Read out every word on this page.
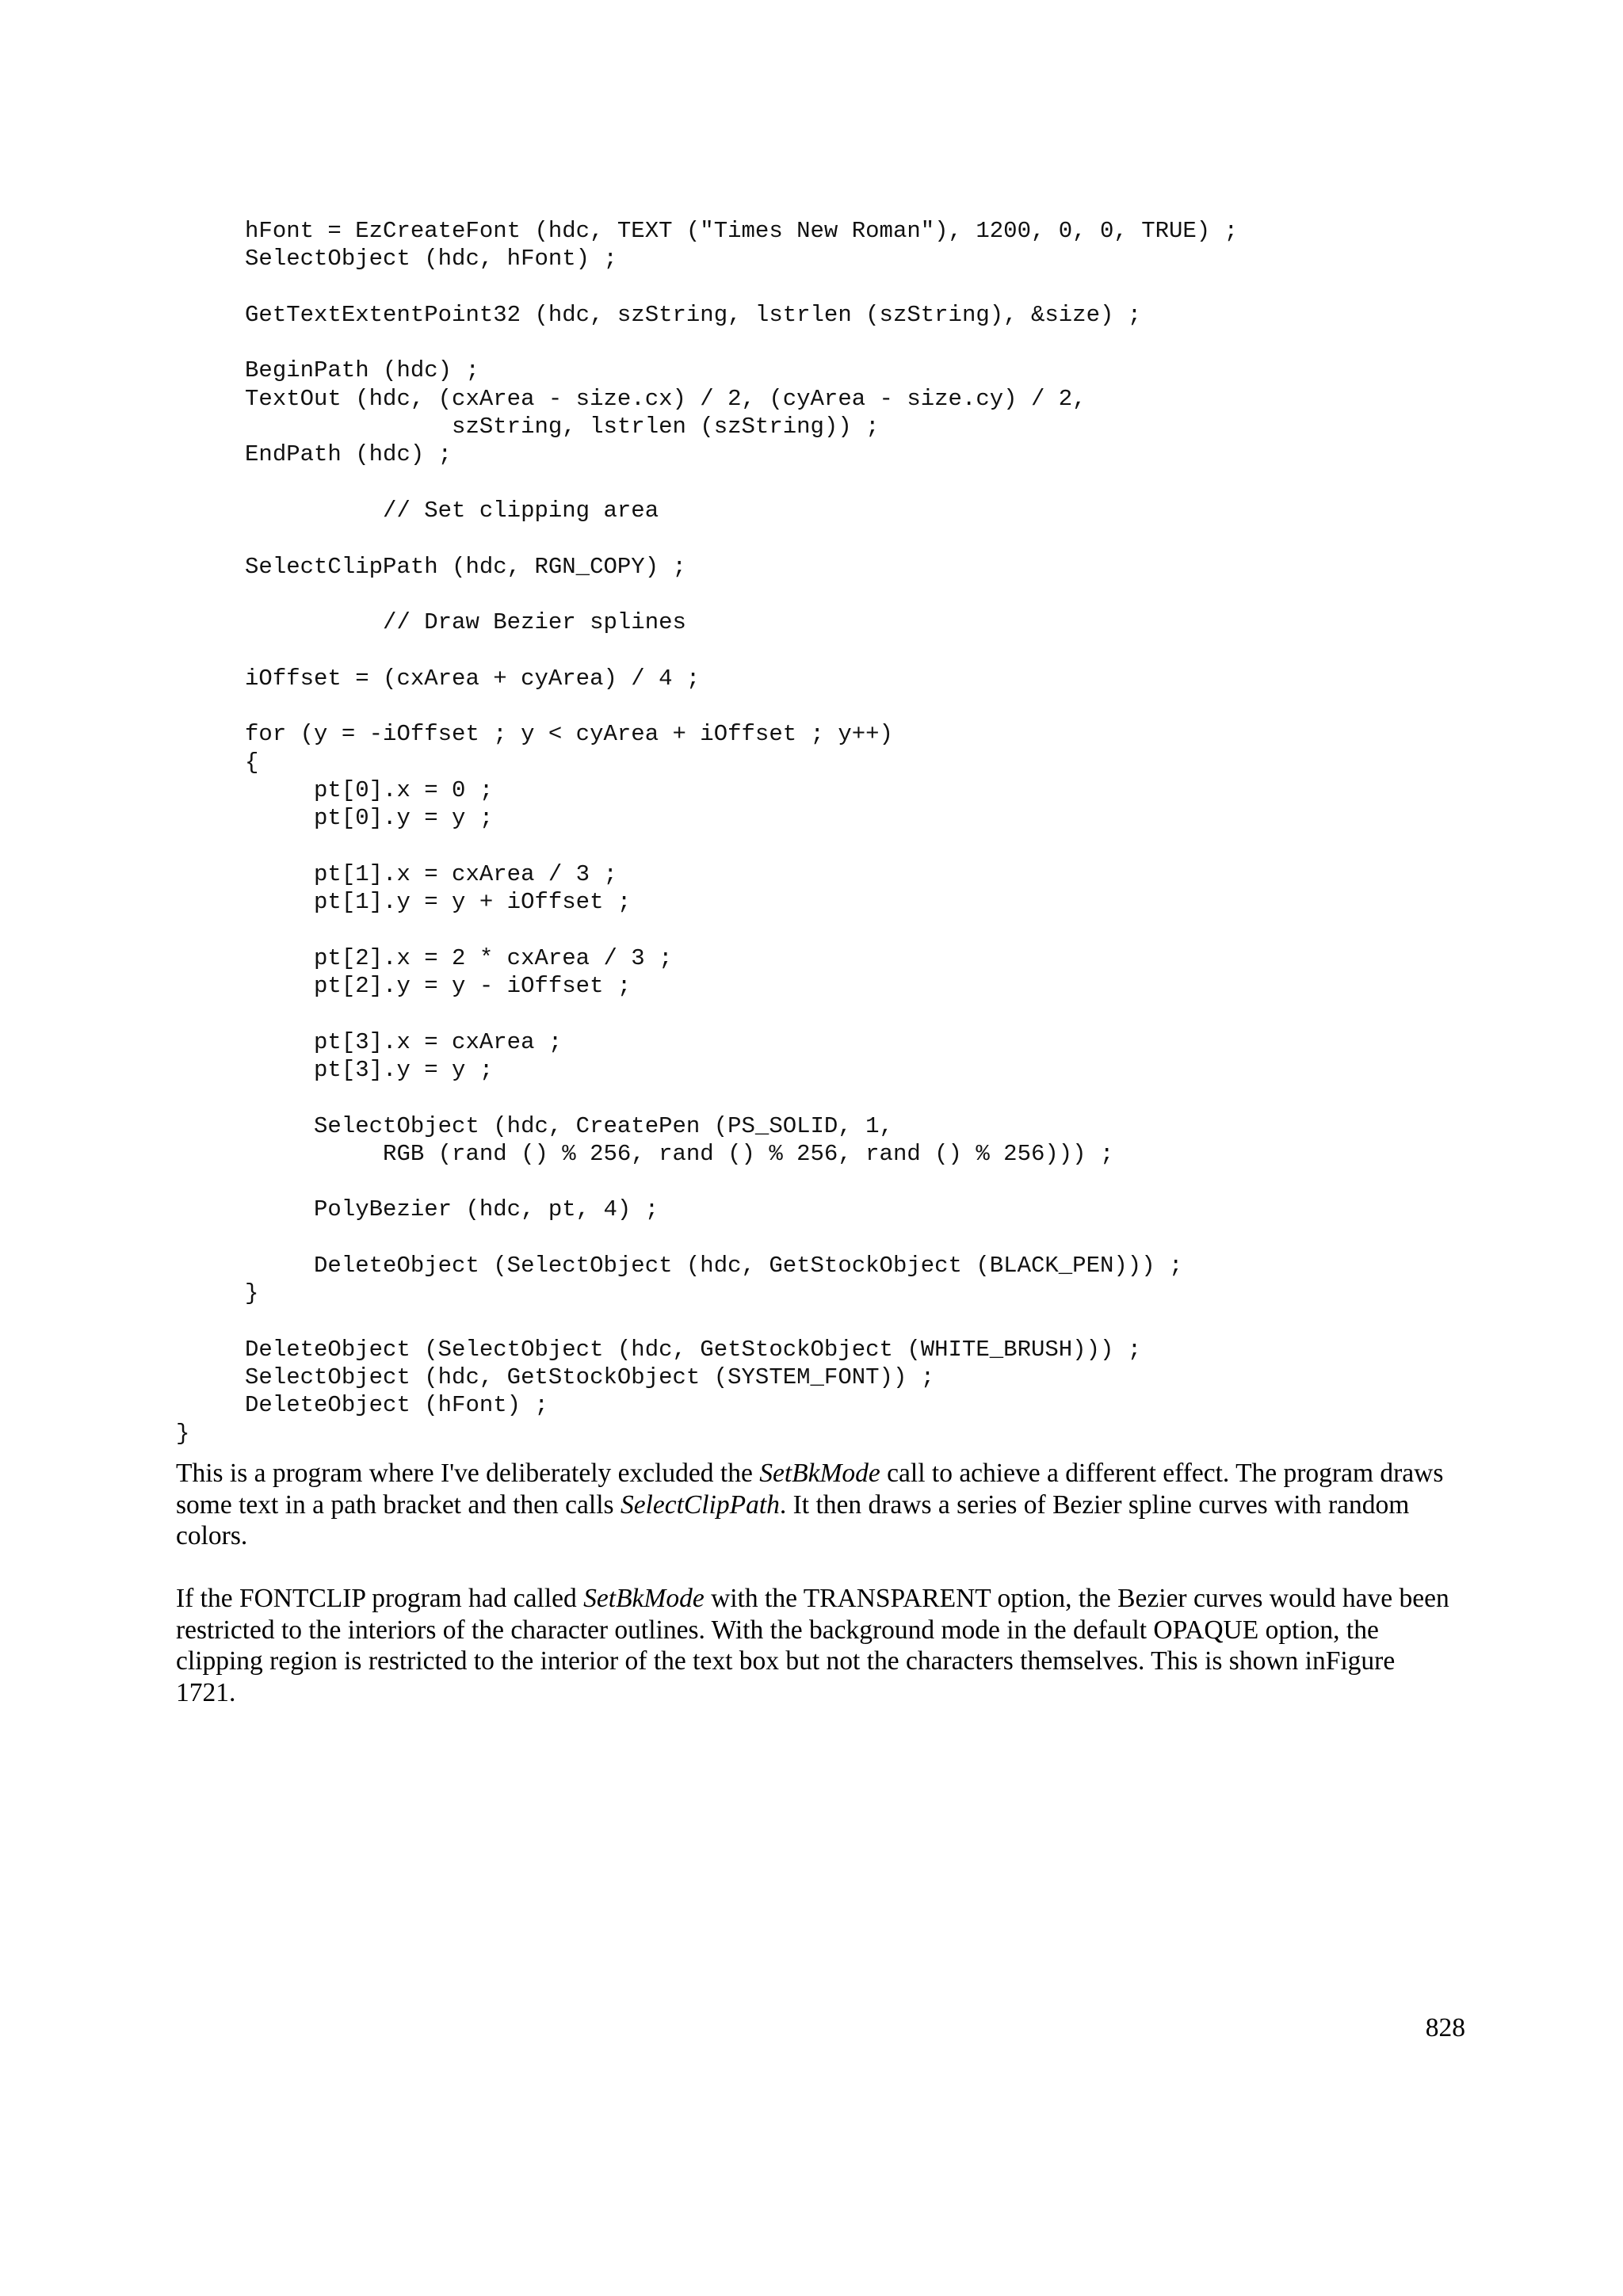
hFont = EzCreateFont (hdc, TEXT ("Times New Roman"), 1200, 0, 0, TRUE) ;
SelectObject (hdc, hFont) ;
GetTextExtentPoint32 (hdc, szString, lstrlen (szString), &size) ;
BeginPath (hdc) ;
TextOut (hdc, (cxArea - size.cx) / 2, (cyArea - size.cy) / 2,
szString, lstrlen (szString)) ;
EndPath (hdc) ;
// Set clipping area
SelectClipPath (hdc, RGN_COPY) ;
// Draw Bezier splines
iOffset = (cxArea + cyArea) / 4 ;
for (y = -iOffset ; y < cyArea + iOffset ; y++)
{
pt[0].x = 0 ;
pt[0].y = y ;
pt[1].x = cxArea / 3 ;
pt[1].y = y + iOffset ;
pt[2].x = 2 * cxArea / 3 ;
pt[2].y = y - iOffset ;
pt[3].x = cxArea ;
pt[3].y = y ;
SelectObject (hdc, CreatePen (PS_SOLID, 1,
RGB (rand () % 256, rand () % 256, rand () % 256))) ;
PolyBezier (hdc, pt, 4) ;
DeleteObject (SelectObject (hdc, GetStockObject (BLACK_PEN))) ;
}
DeleteObject (SelectObject (hdc, GetStockObject (WHITE_BRUSH))) ;
SelectObject (hdc, GetStockObject (SYSTEM_FONT)) ;
DeleteObject (hFont) ;
}

This is a program where I've deliberately excluded the SetBkMode call to achieve a different effect. The program draws some text in a path bracket and then calls SelectClipPath. It then draws a series of Bezier spline curves with random colors.

If the FONTCLIP program had called SetBkMode with the TRANSPARENT option, the Bezier curves would have been restricted to the interiors of the character outlines. With the background mode in the default OPAQUE option, the clipping region is restricted to the interior of the text box but not the characters themselves. This is shown inFigure 1721.

828
